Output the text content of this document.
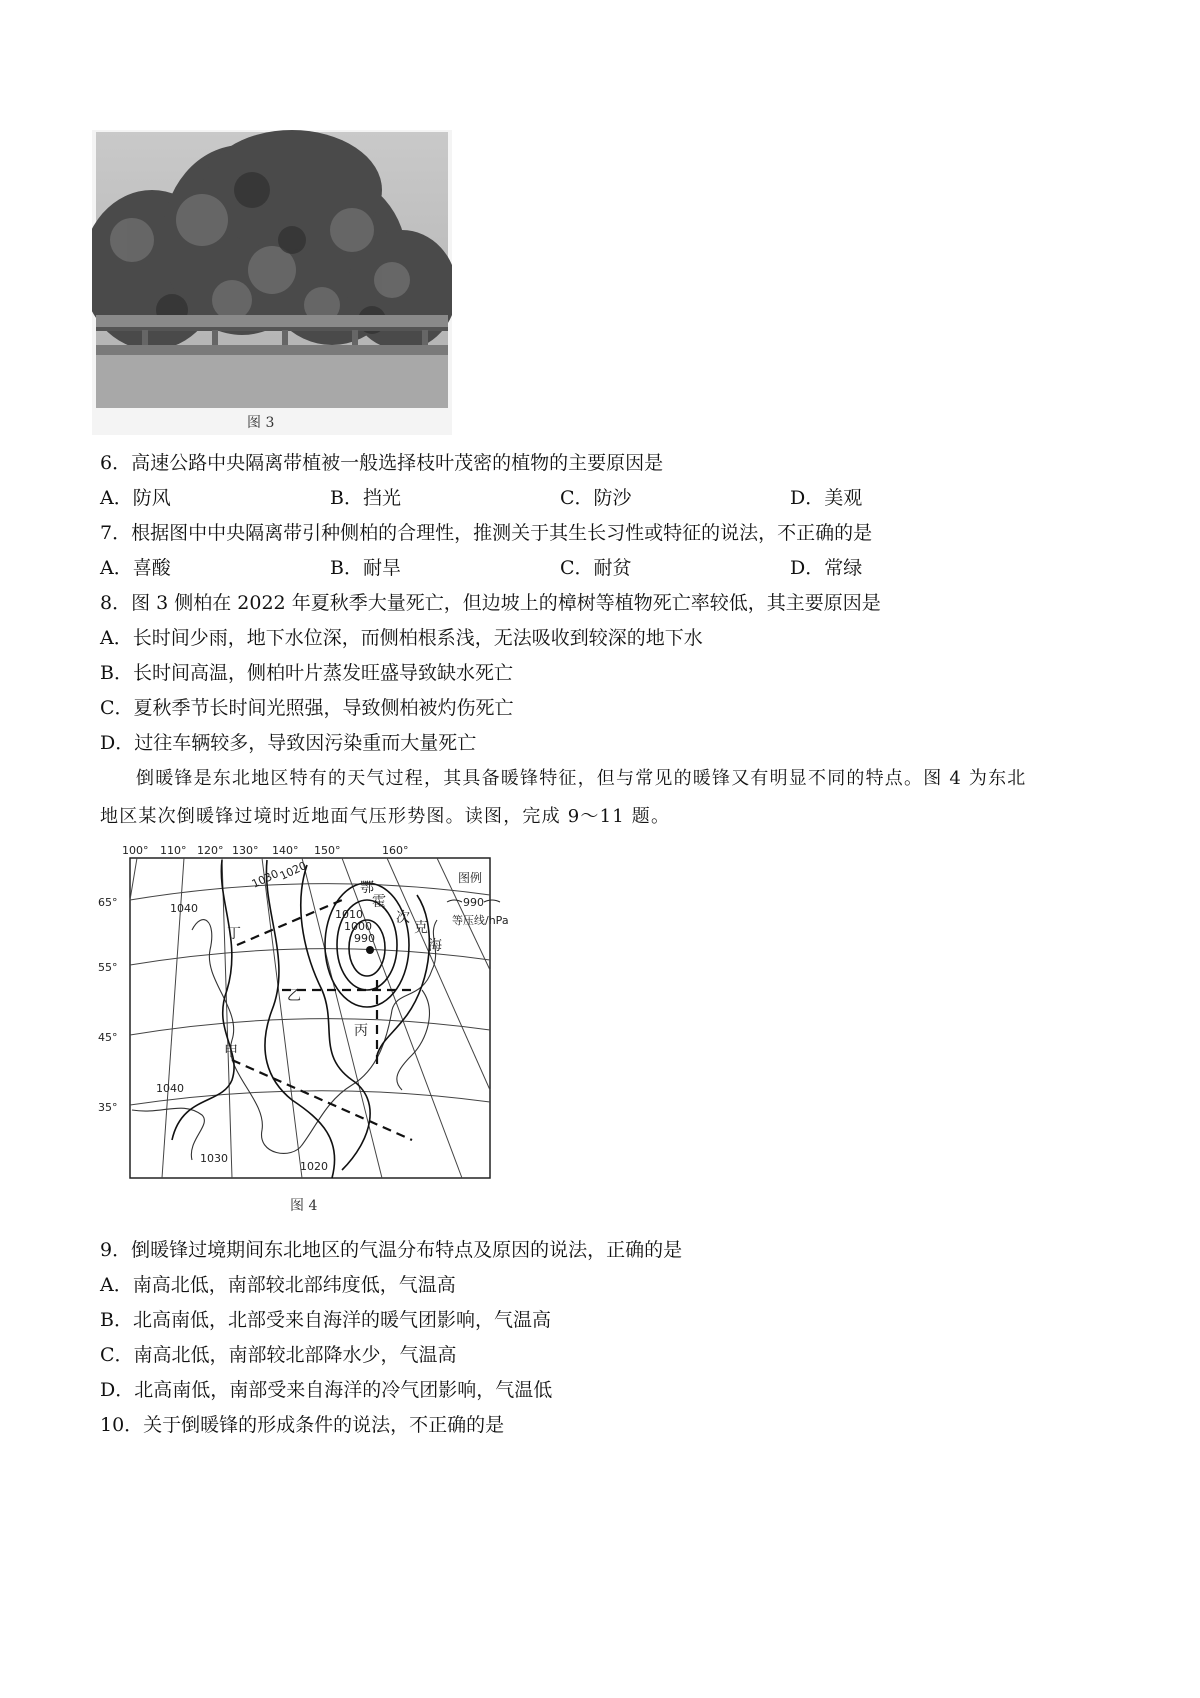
图 3
6．高速公路中央隔离带植被一般选择枝叶茂密的植物的主要原因是
A．防风	B．挡光	C．防沙	D．美观
7．根据图中中央隔离带引种侧柏的合理性，推测关于其生长习性或特征的说法，不正确的是
A．喜酸	B．耐旱	C．耐贫	D．常绿
8．图 3 侧柏在 2022 年夏秋季大量死亡，但边坡上的樟树等植物死亡率较低，其主要原因是
A．长时间少雨，地下水位深，而侧柏根系浅，无法吸收到较深的地下水
B．长时间高温，侧柏叶片蒸发旺盛导致缺水死亡
C．夏秋季节长时间光照强，导致侧柏被灼伤死亡
D．过往车辆较多，导致因污染重而大量死亡

倒暖锋是东北地区特有的天气过程，其具备暖锋特征，但与常见的暖锋又有明显不同的特点。图 4 为东北

地区某次倒暖锋过境时近地面气压形势图。读图，完成 9～11 题。

100° 110° 120° 130° 140° 150°	160°
65°
55°
45°
35°
1040
1030
1020
1010
1000
990
1040
1030
1020
丁
乙
甲
丙
鄂
霍
次
克
海
图例
990
等压线/hPa
图 4
9．倒暖锋过境期间东北地区的气温分布特点及原因的说法，正确的是
A．南高北低，南部较北部纬度低，气温高
B．北高南低，北部受来自海洋的暖气团影响，气温高
C．南高北低，南部较北部降水少，气温高
D．北高南低，南部受来自海洋的冷气团影响，气温低
10．关于倒暖锋的形成条件的说法，不正确的是
